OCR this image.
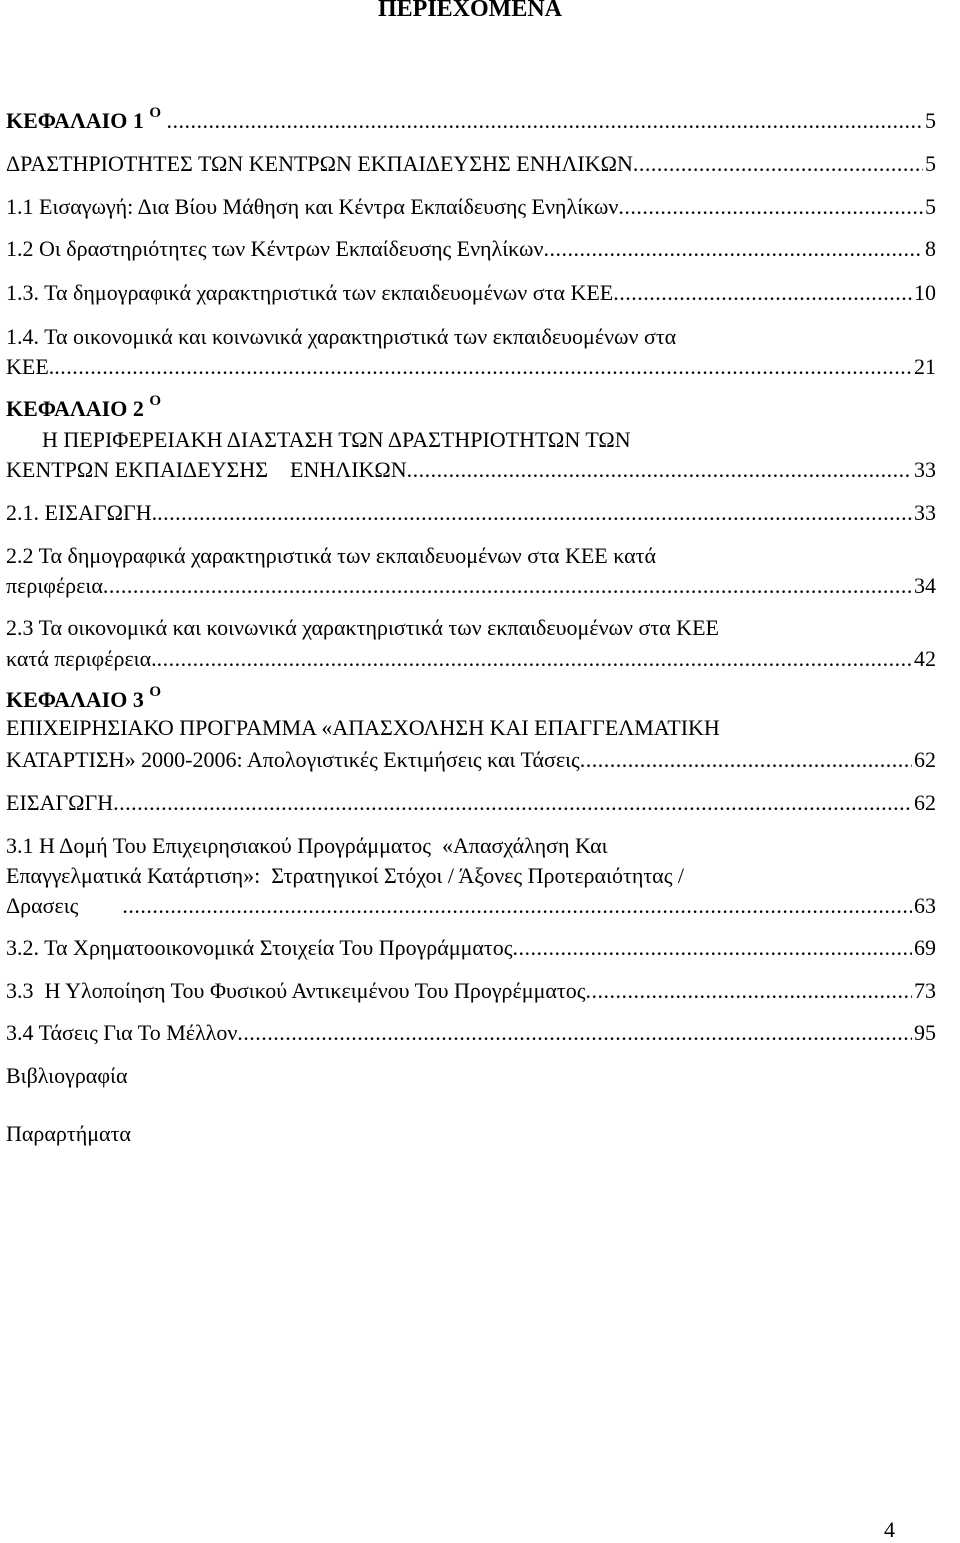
ΠΕΡΙΕΧΟΜΕΝΑ
ΚΕΦΑΛΑΙΟ 1 $^O$ .....	5
ΔΡΑΣΤΗΡΙΟΤΗΤΕΣ ΤΩΝ ΚΕΝΤΡΩΝ ΕΚΠΑΙΔΕΥΣΗΣ ΕΝΗΛΙΚΩΝ .....	5
1.1 Εισαγωγή: Δια Βίου Μάθηση και Κέντρα Εκπαίδευσης Ενηλίκων .....	5
1.2 Οι δραστηριότητες των Κέντρων Εκπαίδευσης Ενηλίκων .....	8
1.3. Τα δημογραφικά χαρακτηριστικά των εκπαιδευομένων στα ΚΕΕ .....	10
1.4. Τα οικονομικά και κοινωνικά χαρακτηριστικά των εκπαιδευομένων στα
ΚΕΕ. .....	21
ΚΕΦΑΛΑΙΟ 2 $^O$
Η ΠΕΡΙΦΕΡΕΙΑΚΗ ΔΙΑΣΤΑΣΗ ΤΩΝ ΔΡΑΣΤΗΡΙΟΤΗΤΩΝ ΤΩΝ
ΚΕΝΤΡΩΝ ΕΚΠΑΙΔΕΥΣΗΣ    ΕΝΗΛΙΚΩΝ .....	33
2.1. ΕΙΣΑΓΩΓΗ. .....	33
2.2 Τα δημογραφικά χαρακτηριστικά των εκπαιδευομένων στα ΚΕΕ κατά
περιφέρεια .....	34
2.3 Τα οικονομικά και κοινωνικά χαρακτηριστικά των εκπαιδευομένων στα ΚΕΕ
κατά περιφέρεια. .....	42
ΚΕΦΑΛΑΙΟ 3 $^O$
ΕΠΙΧΕΙΡΗΣΙΑΚΟ ΠΡΟΓΡΑΜΜΑ «ΑΠΑΣΧΟΛΗΣΗ ΚΑΙ ΕΠΑΓΓΕΛΜΑΤΙΚΗ
ΚΑΤΑΡΤΙΣΗ» 2000-2006: Απολογιστικές Εκτιμήσεις και Τάσεις .....	62
ΕΙΣΑΓΩΓΗ .....	62
3.1 Η Δομή Του Επιχειρησιακού Προγράμματος  «Απασχάληση Και
Επαγγελματικά Κατάρτιση»:  Στρατηγικοί Στόχοι / Άξονες Προτεραιότητας /
Δρασεις .....	63
3.2. Τα Χρηματοοικονομικά Στοιχεία Του Προγράμματος .....	69
3.3  Η Υλοποίηση Του Φυσικού Αντικειμένου Του Προγρέμματος .....	73
3.4 Τάσεις Για Το Μέλλον .....	95
Βιβλιογραφία
Παραρτήματα
4
